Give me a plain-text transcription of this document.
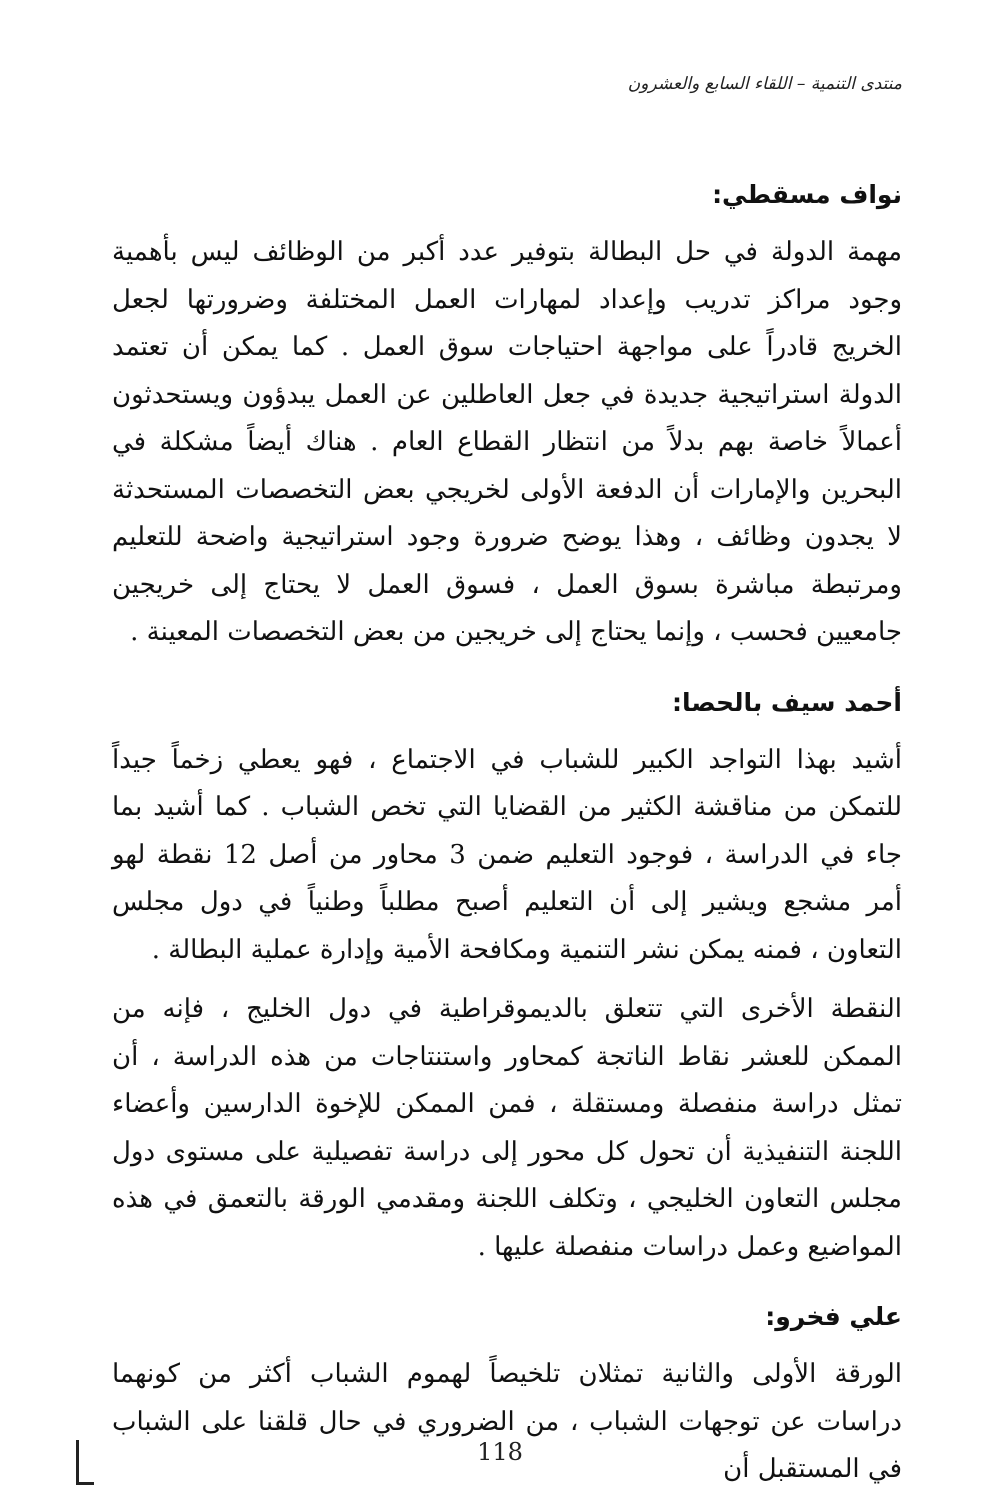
منتدى التنمية – اللقاء السابع والعشرون
نواف مسقطي:

مهمة الدولة في حل البطالة بتوفير عدد أكبر من الوظائف ليس بأهمية وجود مراكز تدريب وإعداد لمهارات العمل المختلفة وضرورتها لجعل الخريج قادراً على مواجهة احتياجات سوق العمل . كما يمكن أن تعتمد الدولة استراتيجية جديدة في جعل العاطلين عن العمل يبدؤون ويستحدثون أعمالاً خاصة بهم بدلاً من انتظار القطاع العام . هناك أيضاً مشكلة في البحرين والإمارات أن الدفعة الأولى لخريجي بعض التخصصات المستحدثة لا يجدون وظائف ، وهذا يوضح ضرورة وجود استراتيجية واضحة للتعليم ومرتبطة مباشرة بسوق العمل ، فسوق العمل لا يحتاج إلى خريجين جامعيين فحسب ، وإنما يحتاج إلى خريجين من بعض التخصصات المعينة .

أحمد سيف بالحصا:

أشيد بهذا التواجد الكبير للشباب في الاجتماع ، فهو يعطي زخماً جيداً للتمكن من مناقشة الكثير من القضايا التي تخص الشباب . كما أشيد بما جاء في الدراسة ، فوجود التعليم ضمن 3 محاور من أصل 12 نقطة لهو أمر مشجع ويشير إلى أن التعليم أصبح مطلباً وطنياً في دول مجلس التعاون ، فمنه يمكن نشر التنمية ومكافحة الأمية وإدارة عملية البطالة .

النقطة الأخرى التي تتعلق بالديموقراطية في دول الخليج ، فإنه من الممكن للعشر نقاط الناتجة كمحاور واستنتاجات من هذه الدراسة ، أن تمثل دراسة منفصلة ومستقلة ، فمن الممكن للإخوة الدارسين وأعضاء اللجنة التنفيذية أن تحول كل محور إلى دراسة تفصيلية على مستوى دول مجلس التعاون الخليجي ، وتكلف اللجنة ومقدمي الورقة بالتعمق في هذه المواضيع وعمل دراسات منفصلة عليها .

علي فخرو:

الورقة الأولى والثانية تمثلان تلخيصاً لهموم الشباب أكثر من كونهما دراسات عن توجهات الشباب ، من الضروري في حال قلقنا على الشباب في المستقبل أن

118
